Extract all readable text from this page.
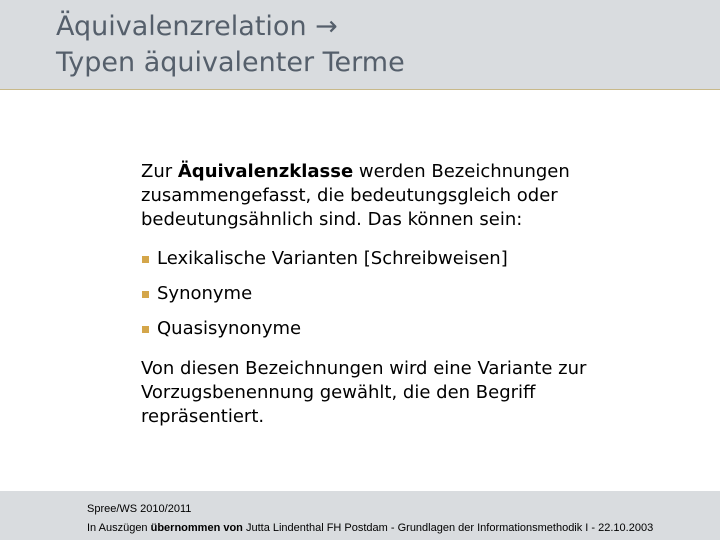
Äquivalenzrelation →
Typen äquivalenter Terme

Zur Äquivalenzklasse werden Bezeichnungen zusammengefasst, die bedeutungsgleich oder bedeutungsähnlich sind. Das können sein:

Lexikalische Varianten [Schreibweisen]
Synonyme
Quasisynonyme

Von diesen Bezeichnungen wird eine Variante zur Vorzugsbenennung gewählt, die den Begriff repräsentiert.

Spree/WS 2010/2011
In Auszügen übernommen von Jutta Lindenthal FH Postdam - Grundlagen der Informationsmethodik I - 22.10.2003
